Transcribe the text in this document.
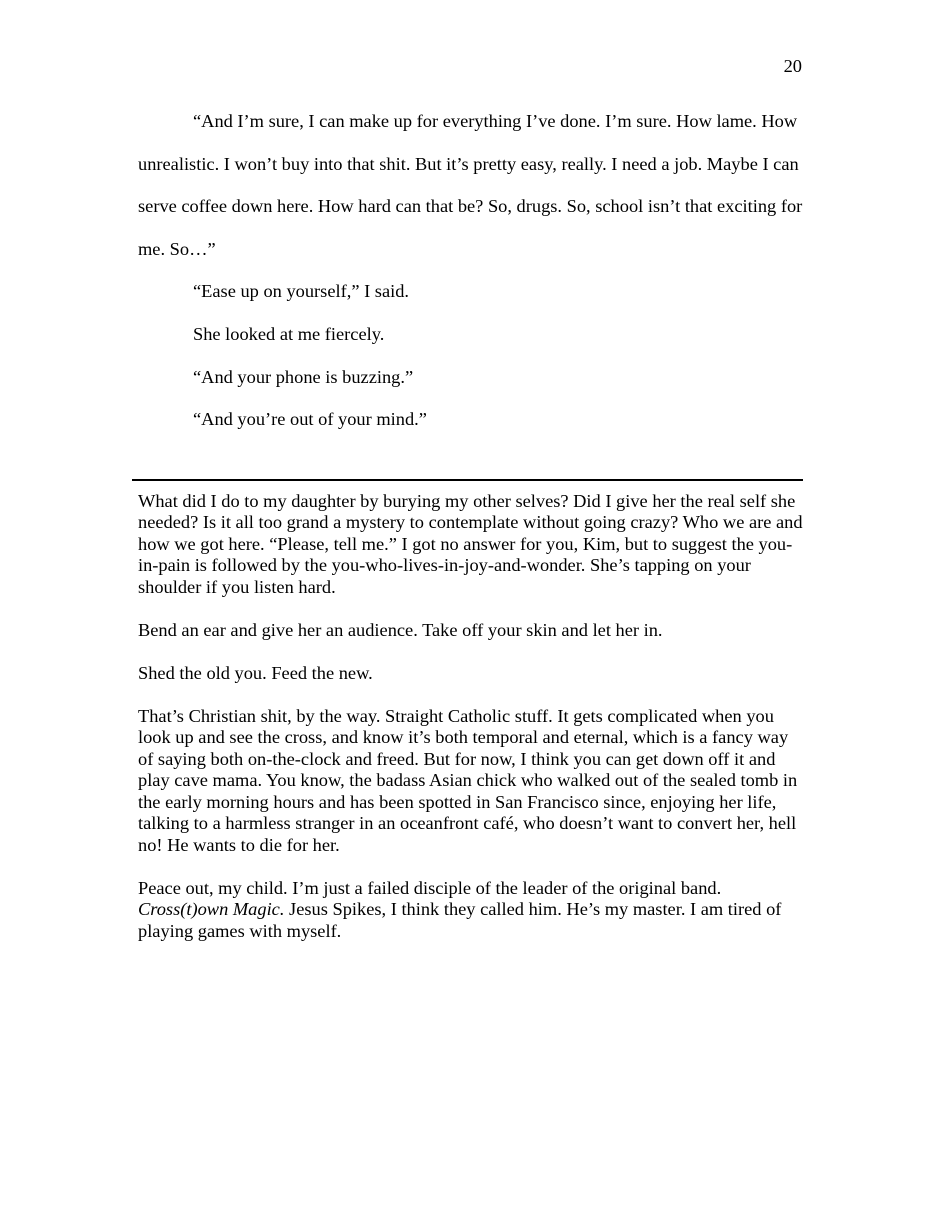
20

“And I’m sure, I can make up for everything I’ve done. I’m sure. How lame. How unrealistic. I won’t buy into that shit. But it’s pretty easy, really. I need a job. Maybe I can serve coffee down here. How hard can that be? So, drugs. So, school isn’t that exciting for me. So…”

“Ease up on yourself,” I said.

She looked at me fiercely.

“And your phone is buzzing.”

“And you’re out of your mind.”

What did I do to my daughter by burying my other selves? Did I give her the real self she needed? Is it all too grand a mystery to contemplate without going crazy? Who we are and how we got here. “Please, tell me.” I got no answer for you, Kim, but to suggest the you-in-pain is followed by the you-who-lives-in-joy-and-wonder. She’s tapping on your shoulder if you listen hard.

Bend an ear and give her an audience. Take off your skin and let her in.

Shed the old you. Feed the new.

That’s Christian shit, by the way. Straight Catholic stuff. It gets complicated when you look up and see the cross, and know it’s both temporal and eternal, which is a fancy way of saying both on-the-clock and freed. But for now, I think you can get down off it and play cave mama. You know, the badass Asian chick who walked out of the sealed tomb in the early morning hours and has been spotted in San Francisco since, enjoying her life, talking to a harmless stranger in an oceanfront café, who doesn’t want to convert her, hell no! He wants to die for her.

Peace out, my child. I’m just a failed disciple of the leader of the original band. Cross(t)own Magic. Jesus Spikes, I think they called him. He’s my master. I am tired of playing games with myself.
